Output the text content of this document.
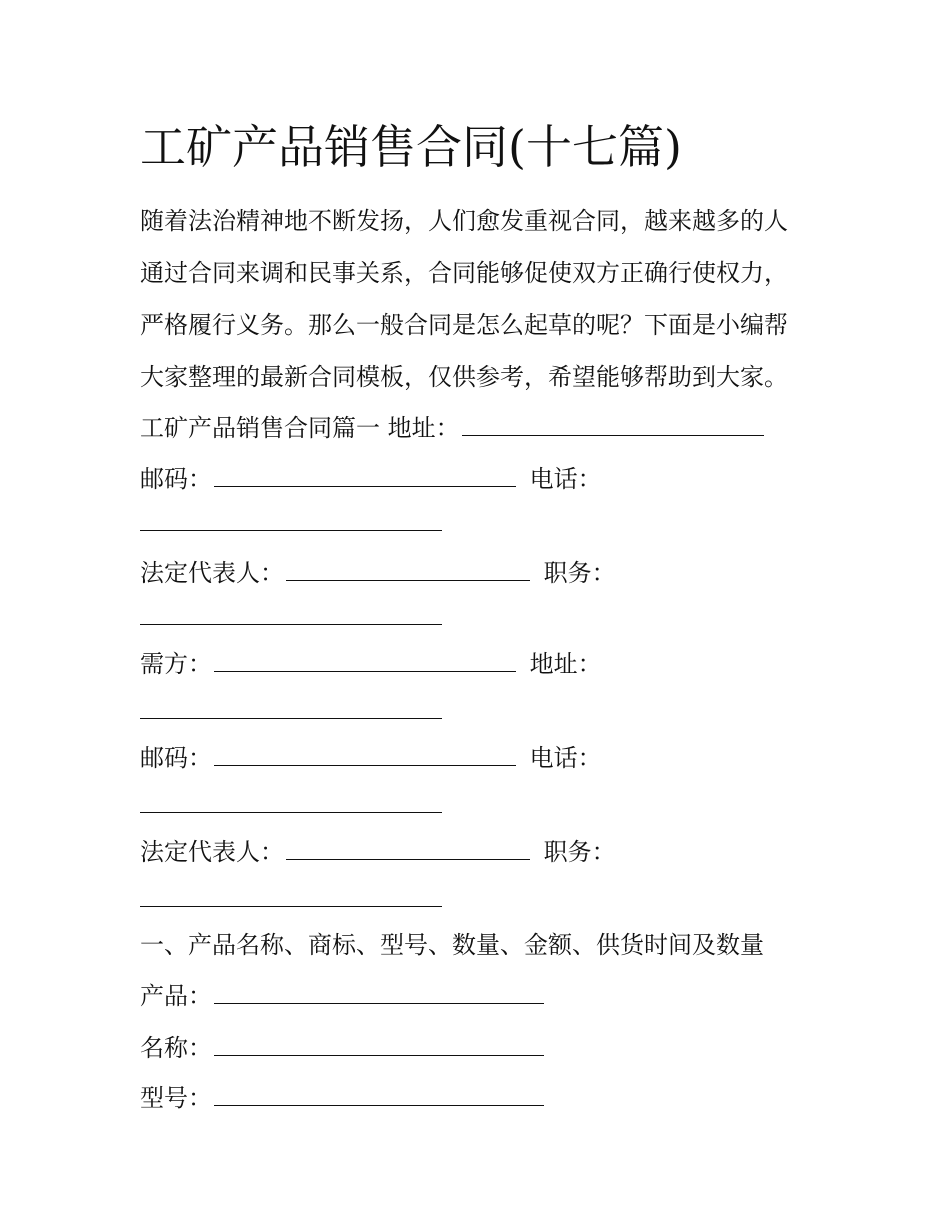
工矿产品销售合同(十七篇)
随着法治精神地不断发扬，人们愈发重视合同，越来越多的人
通过合同来调和民事关系，合同能够促使双方正确行使权力，
严格履行义务。那么一般合同是怎么起草的呢？下面是小编帮
大家整理的最新合同模板，仅供参考，希望能够帮助到大家。
工矿产品销售合同篇一 地址：
邮码：	电话：
法定代表人：	职务：
需方：	地址：
邮码：	电话：
法定代表人：	职务：
一、产品名称、商标、型号、数量、金额、供货时间及数量
产品：
名称：
型号：
